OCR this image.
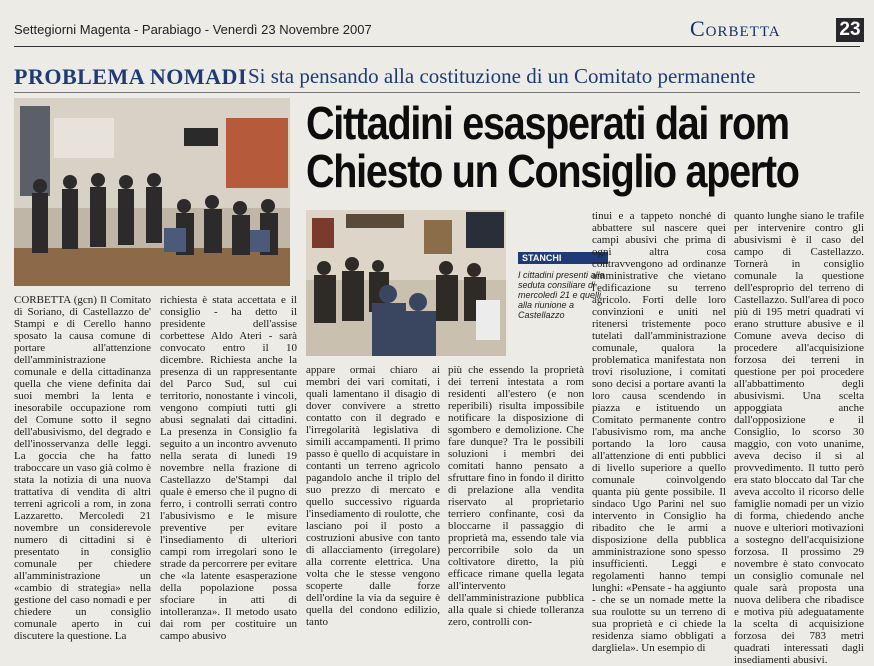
Settegiorni Magenta - Parabiago - Venerdì 23 Novembre 2007	Corbetta	23
PROBLEMA NOMADI Si sta pensando alla costituzione di un Comitato permanente
Cittadini esasperati dai rom
Chiesto un Consiglio aperto
STANCHI
I cittadini presenti alla seduta consiliare di mercoledì 21 e quelli alla riunione a Castellazzo
CORBETTA (gcn) Il Comitato di Soriano, di Castellazzo de' Stampi e di Cerello hanno sposato la causa comune di portare all'attenzione dell'amministrazione comunale e della cittadinanza quella che viene definita dai suoi membri la lenta e inesorabile occupazione rom del Comune sotto il segno dell'abusivismo, del degrado e dell'inosservanza delle leggi. La goccia che ha fatto traboccare un vaso già colmo è stata la notizia di una nuova trattativa di vendita di altri terreni agricoli a rom, in zona Lazzaretto. Mercoledì 21 novembre un considerevole numero di cittadini si è presentato in consiglio comunale per chiedere all'amministrazione un «cambio di strategia» nella gestione del caso nomadi e per chiedere un consiglio comunale aperto in cui discutere la questione. La
richiesta è stata accettata e il consiglio - ha detto il presidente dell'assise corbettese Aldo Ateri - sarà convocato entro il 10 dicembre. Richiesta anche la presenza di un rappresentante del Parco Sud, sul cui territorio, nonostante i vincoli, vengono compiuti tutti gli abusi segnalati dai cittadini. La presenza in Consiglio fa seguito a un incontro avvenuto nella serata di lunedì 19 novembre nella frazione di Castellazzo de'Stampi dal quale è emerso che il pugno di ferro, i controlli serrati contro l'abusivismo e le misure preventive per evitare l'insediamento di ulteriori campi rom irregolari sono le strade da percorrere per evitare che «la latente esasperazione della popolazione possa sfociare in atti di intolleranza». Il metodo usato dai rom per costituire un campo abusivo
appare ormai chiaro ai membri dei vari comitati, i quali lamentano il disagio di dover convivere a stretto contatto con il degrado e l'irregolarità legislativa di simili accampamenti. Il primo passo è quello di acquistare in contanti un terreno agricolo pagandolo anche il triplo del suo prezzo di mercato e quello successivo riguarda l'insediamento di roulotte, che lasciano poi il posto a costruzioni abusive con tanto di allacciamento (irregolare) alla corrente elettrica. Una volta che le stesse vengono scoperte dalle forze dell'ordine la via da seguire è quella del condono edilizio, tanto
più che essendo la proprietà dei terreni intestata a rom residenti all'estero (e non reperibili) risulta impossibile notificare la disposizione di sgombero e demolizione. Che fare dunque? Tra le possibili soluzioni i membri dei comitati hanno pensato a sfruttare fino in fondo il diritto di prelazione alla vendita riservato al proprietario terriero confinante, così da bloccarne il passaggio di proprietà ma, essendo tale via percorribile solo da un coltivatore diretto, la più efficace rimane quella legata all'intervento dell'amministrazione pubblica alla quale si chiede tolleranza zero, controlli con-
tinui e a tappeto nonché di abbattere sul nascere quei campi abusivi che prima di ogni altra cosa contravvengono ad ordinanze amministrative che vietano l'edificazione su terreno agricolo. Forti delle loro convinzioni e uniti nel ritenersi tristemente poco tutelati dall'amministrazione comunale, qualora la problematica manifestata non trovi risoluzione, i comitati sono decisi a portare avanti la loro causa scendendo in piazza e istituendo un Comitato permanente contro l'abusivismo rom, ma anche portando la loro causa all'attenzione di enti pubblici di livello superiore a quello comunale coinvolgendo quanta più gente possibile. Il sindaco Ugo Parini nel suo intervento in Consiglio ha ribadito che le armi a disposizione della pubblica amministrazione sono spesso insufficienti. Leggi e regolamenti hanno tempi lunghi: «Pensate - ha aggiunto - che se un nomade mette la sua roulotte su un terreno di sua proprietà e ci chiede la residenza siamo obbligati a dargliela». Un esempio di
quanto lunghe siano le trafile per intervenire contro gli abusivismi è il caso del campo di Castellazzo. Tornerà in consiglio comunale la questione dell'esproprio del terreno di Castellazzo. Sull'area di poco più di 195 metri quadrati vi erano strutture abusive e il Comune aveva deciso di procedere all'acquisizione forzosa dei terreni in questione per poi procedere all'abbattimento degli abusivismi. Una scelta appoggiata anche dall'opposizione e il Consiglio, lo scorso 30 maggio, con voto unanime, aveva deciso il sì al provvedimento. Il tutto però era stato bloccato dal Tar che aveva accolto il ricorso delle famiglie nomadi per un vizio di forma, chiedendo anche nuove e ulteriori motivazioni a sostegno dell'acquisizione forzosa. Il prossimo 29 novembre è stato convocato un consiglio comunale nel quale sarà proposta una nuova delibera che ribadisce e motiva più adeguatamente la scelta di acquisizione forzosa dei 783 metri quadrati interessati dagli insediamenti abusivi.
